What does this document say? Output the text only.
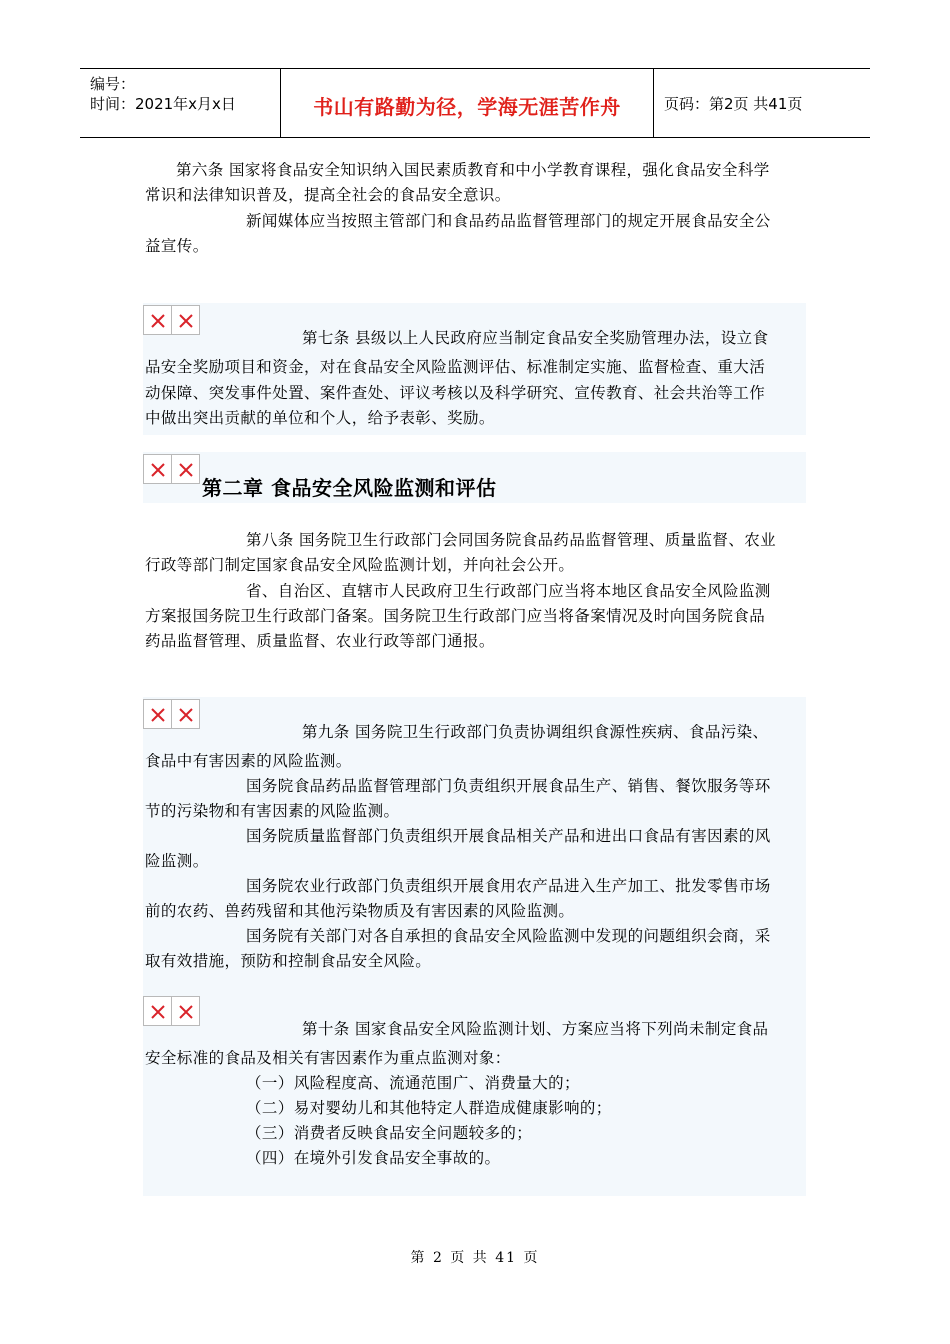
编号：
时间：2021年x月x日	书山有路勤为径，学海无涯苦作舟	页码：第2页 共41页

第六条 国家将食品安全知识纳入国民素质教育和中小学教育课程，强化食品安全科学

常识和法律知识普及，提高全社会的食品安全意识。

新闻媒体应当按照主管部门和食品药品监督管理部门的规定开展食品安全公

益宣传。

第七条 县级以上人民政府应当制定食品安全奖励管理办法，设立食

品安全奖励项目和资金，对在食品安全风险监测评估、标准制定实施、监督检查、重大活

动保障、突发事件处置、案件查处、评议考核以及科学研究、宣传教育、社会共治等工作

中做出突出贡献的单位和个人，给予表彰、奖励。

第二章 食品安全风险监测和评估

第八条 国务院卫生行政部门会同国务院食品药品监督管理、质量监督、农业

行政等部门制定国家食品安全风险监测计划，并向社会公开。

省、自治区、直辖市人民政府卫生行政部门应当将本地区食品安全风险监测

方案报国务院卫生行政部门备案。国务院卫生行政部门应当将备案情况及时向国务院食品

药品监督管理、质量监督、农业行政等部门通报。

第九条 国务院卫生行政部门负责协调组织食源性疾病、食品污染、

食品中有害因素的风险监测。

国务院食品药品监督管理部门负责组织开展食品生产、销售、餐饮服务等环

节的污染物和有害因素的风险监测。

国务院质量监督部门负责组织开展食品相关产品和进出口食品有害因素的风

险监测。

国务院农业行政部门负责组织开展食用农产品进入生产加工、批发零售市场

前的农药、兽药残留和其他污染物质及有害因素的风险监测。

国务院有关部门对各自承担的食品安全风险监测中发现的问题组织会商，采

取有效措施，预防和控制食品安全风险。

第十条 国家食品安全风险监测计划、方案应当将下列尚未制定食品

安全标准的食品及相关有害因素作为重点监测对象：

（一）风险程度高、流通范围广、消费量大的；

（二）易对婴幼儿和其他特定人群造成健康影响的；

（三）消费者反映食品安全问题较多的；

（四）在境外引发食品安全事故的。

第 2 页 共 41 页
